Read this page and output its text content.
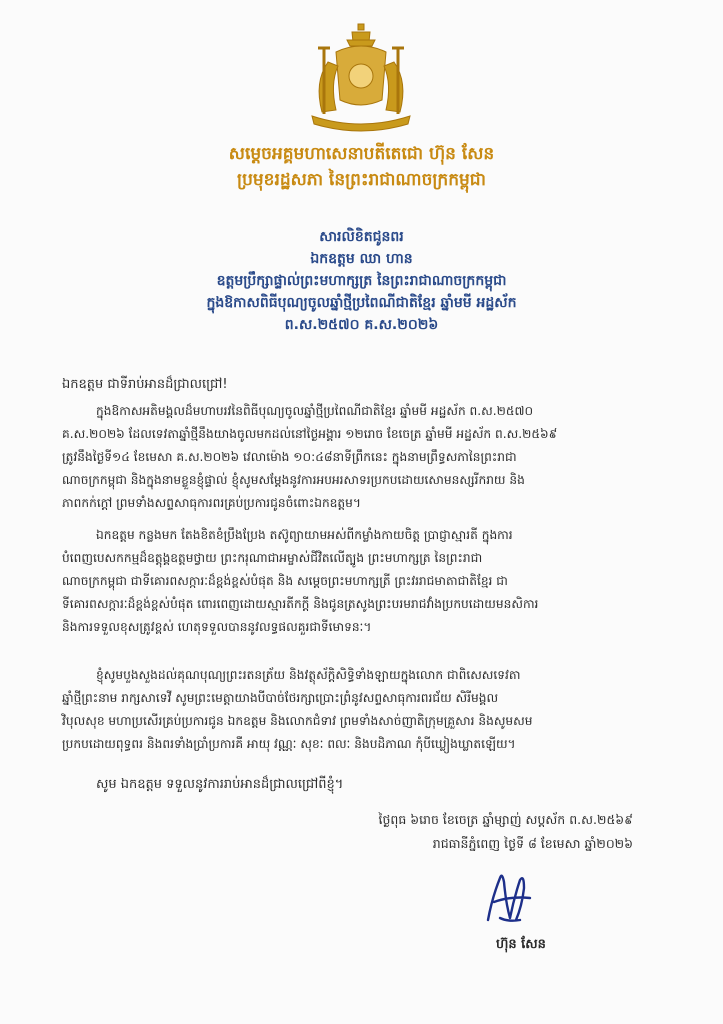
សម្ដេចអគ្គមហាសេនាបតីតេជោ ហ៊ុន សែន
ប្រមុខរដ្ឋសភា នៃព្រះរាជាណាចក្រកម្ពុជា
សារលិខិតជូនពរ
ឯកឧត្តម ឈា ហាន
ឧត្តមប្រឹក្សាផ្ទាល់ព្រះមហាក្សត្រ នៃព្រះរាជាណាចក្រកម្ពុជា
ក្នុងឱកាសពិធីបុណ្យចូលឆ្នាំថ្មីប្រពៃណីជាតិខ្មែរ ឆ្នាំមមី អដ្ឋស័ក
ព.ស.២៥៧០ គ.ស.២០២៦
ឯកឧត្តម ជាទីរាប់អានដ៏ជ្រាលជ្រៅ!
ក្នុងឱកាសអតិមង្គលដ៏មហាបរវនៃពិធីបុណ្យចូលឆ្នាំថ្មីប្រពៃណីជាតិខ្មែរ ឆ្នាំមមី អដ្ឋស័ក ព.ស.២៥៧០
គ.ស.២០២៦ ដែលទេវតាឆ្នាំថ្មីនឹងយាងចូលមកដល់នៅថ្ងៃអង្គារ ១២រោច ខែចេត្រ ឆ្នាំមមី អដ្ឋស័ក ព.ស.២៥៦៩
ត្រូវនឹងថ្ងៃទី១៤ ខែមេសា គ.ស.២០២៦ វេលាម៉ោង ១០:៤៨នាទីព្រឹកនេះ ក្នុងនាមព្រឹទ្ធសភានៃព្រះរាជា
ណាចក្រកម្ពុជា និងក្នុងនាមខ្លួនខ្ញុំផ្ទាល់ ខ្ញុំសូមសម្ដែងនូវការអបអរសាទរប្រកបដោយសោមនស្សរីករាយ និង
ភាពកក់ក្ដៅ ព្រមទាំងសព្ទសាធុការពរគ្រប់ប្រការជូនចំពោះឯកឧត្តម។
ឯកឧត្តម កន្លងមក តែងខិតខំប្រឹងប្រែង តស៊ូព្យាយាមអស់ពីកម្លាំងកាយចិត្ត ប្រាជ្ញាស្មារតី ក្នុងការ
បំពេញបេសកកម្មដ៏ឧត្ដុង្គឧត្ដមថ្វាយ ព្រះករុណាជាអម្ចាស់ជីវិតលើត្បូង ព្រះមហាក្សត្រ នៃព្រះរាជា
ណាចក្រកម្ពុជា ជាទីគោរពសក្ការៈដ៏ខ្ពង់ខ្ពស់បំផុត និង សម្ដេចព្រះមហាក្សត្រី ព្រះវររាជមាតាជាតិខ្មែរ ជា
ទីគោរពសក្ការៈដ៏ខ្ពង់ខ្ពស់បំផុត ពោរពេញដោយស្មារតីកក្ដី និងជូនត្រសូងព្រះបរមរាជវាំងប្រកបដោយមនសិការ
និងការទទួលខុសត្រូវខ្ពស់ ហេតុទទួលបាននូវលទ្ធផលគួរជាទីមោទនៈ។
ខ្ញុំសូមបួងសួងដល់គុណបុណ្យព្រះរតនត្រ័យ និងវត្ថុស័ក្តិសិទ្ធិទាំងឡាយក្នុងលោក ជាពិសេសទេវតា
ឆ្នាំថ្មីព្រះនាម រាក្សសាទេវី សូមព្រះមេត្តាយាងបីបាច់ថែរក្សាប្រោះព្រំនូវសព្ទសាធុការពរជ័យ សិរីមង្គល
វិបុលសុខ មហាប្រសើរគ្រប់ប្រការជូន ឯកឧត្តម និងលោកជំទាវ ព្រមទាំងសាច់ញាតិក្រុមគ្រួសារ និងសូមសម
ប្រកបដោយពុទ្ធពរ និងពរទាំងប្រាំប្រការគឺ អាយុ វណ្ណៈ សុខៈ ពលៈ និងបដិភាណ កុំបីឃ្លៀងឃ្លាតឡើយ។
សូម ឯកឧត្តម ទទួលនូវការរាប់អានដ៏ជ្រាលជ្រៅពីខ្ញុំ។
ថ្ងៃពុធ ៦រោច ខែចេត្រ ឆ្នាំម្សាញ់ សប្តស័ក ព.ស.២៥៦៩
រាជធានីភ្នំពេញ ថ្ងៃទី ៨ ខែមេសា ឆ្នាំ២០២៦
ហ៊ុន សែន
